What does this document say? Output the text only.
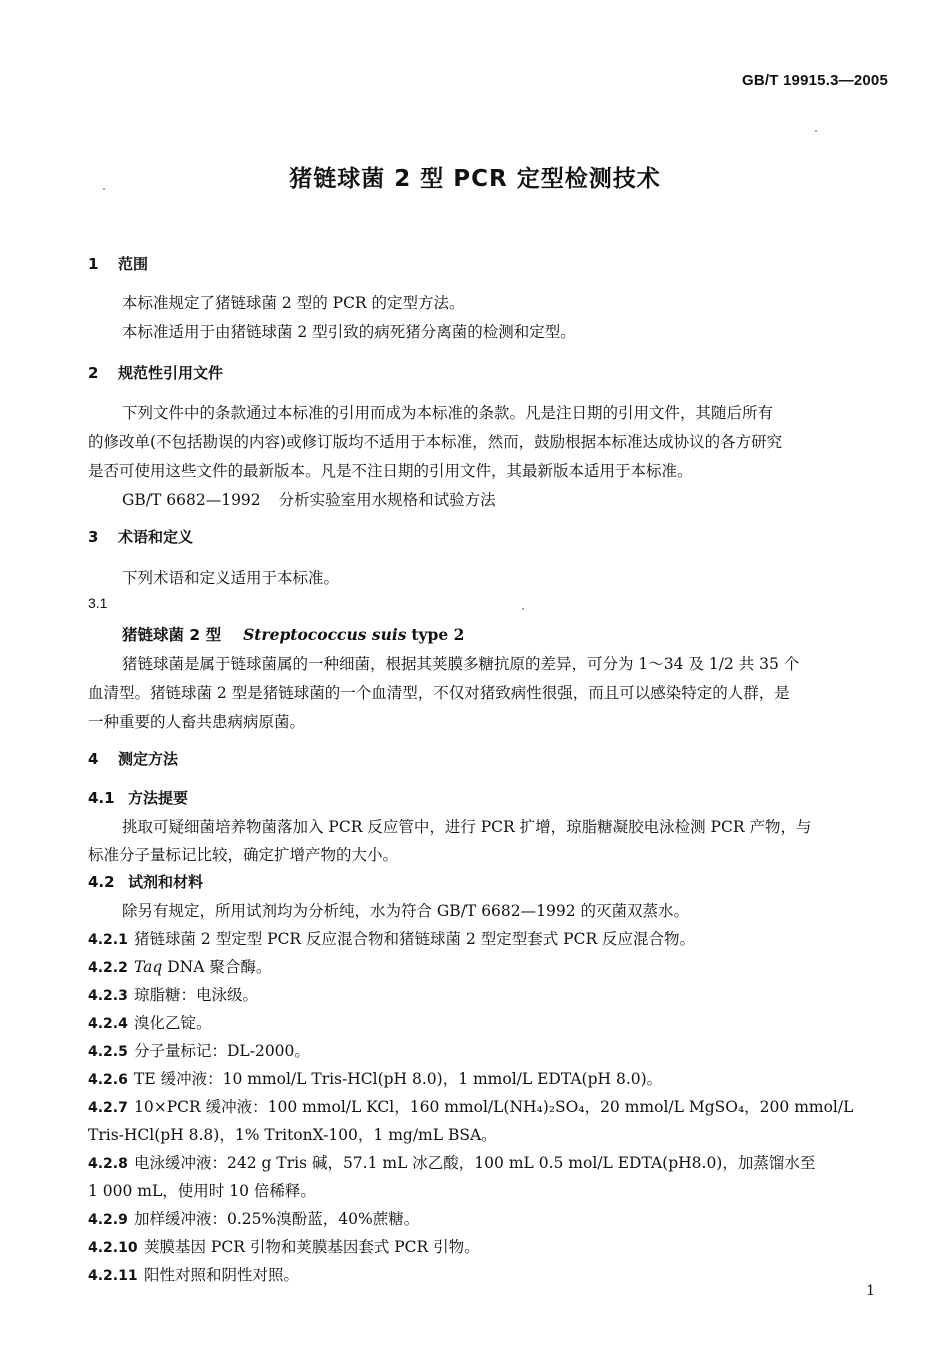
GB/T 19915.3—2005
猪链球菌 2 型 PCR 定型检测技术
1 范围
本标准规定了猪链球菌 2 型的 PCR 的定型方法。
本标准适用于由猪链球菌 2 型引致的病死猪分离菌的检测和定型。
2 规范性引用文件
下列文件中的条款通过本标准的引用而成为本标准的条款。凡是注日期的引用文件，其随后所有
的修改单(不包括勘误的内容)或修订版均不适用于本标准，然而，鼓励根据本标准达成协议的各方研究
是否可使用这些文件的最新版本。凡是不注日期的引用文件，其最新版本适用于本标准。
GB/T 6682—1992 分析实验室用水规格和试验方法
3 术语和定义
下列术语和定义适用于本标准。
3.1
猪链球菌 2 型 Streptococcus suis type 2
猪链球菌是属于链球菌属的一种细菌，根据其荚膜多糖抗原的差异，可分为 1～34 及 1/2 共 35 个
血清型。猪链球菌 2 型是猪链球菌的一个血清型，不仅对猪致病性很强，而且可以感染特定的人群，是
一种重要的人畜共患病病原菌。
4 测定方法
4.1 方法提要
挑取可疑细菌培养物菌落加入 PCR 反应管中，进行 PCR 扩增，琼脂糖凝胶电泳检测 PCR 产物，与
标准分子量标记比较，确定扩增产物的大小。
4.2 试剂和材料
除另有规定，所用试剂均为分析纯，水为符合 GB/T 6682—1992 的灭菌双蒸水。
4.2.1 猪链球菌 2 型定型 PCR 反应混合物和猪链球菌 2 型定型套式 PCR 反应混合物。
4.2.2 Taq DNA 聚合酶。
4.2.3 琼脂糖：电泳级。
4.2.4 溴化乙锭。
4.2.5 分子量标记：DL-2000。
4.2.6 TE 缓冲液：10 mmol/L Tris-HCl(pH 8.0)，1 mmol/L EDTA(pH 8.0)。
4.2.7 10×PCR 缓冲液：100 mmol/L KCl，160 mmol/L(NH₄)₂SO₄，20 mmol/L MgSO₄，200 mmol/L
Tris-HCl(pH 8.8)，1% TritonX-100，1 mg/mL BSA。
4.2.8 电泳缓冲液：242 g Tris 碱，57.1 mL 冰乙酸，100 mL 0.5 mol/L EDTA(pH8.0)，加蒸馏水至
1 000 mL，使用时 10 倍稀释。
4.2.9 加样缓冲液：0.25%溴酚蓝，40%蔗糖。
4.2.10 荚膜基因 PCR 引物和荚膜基因套式 PCR 引物。
4.2.11 阳性对照和阴性对照。
1
